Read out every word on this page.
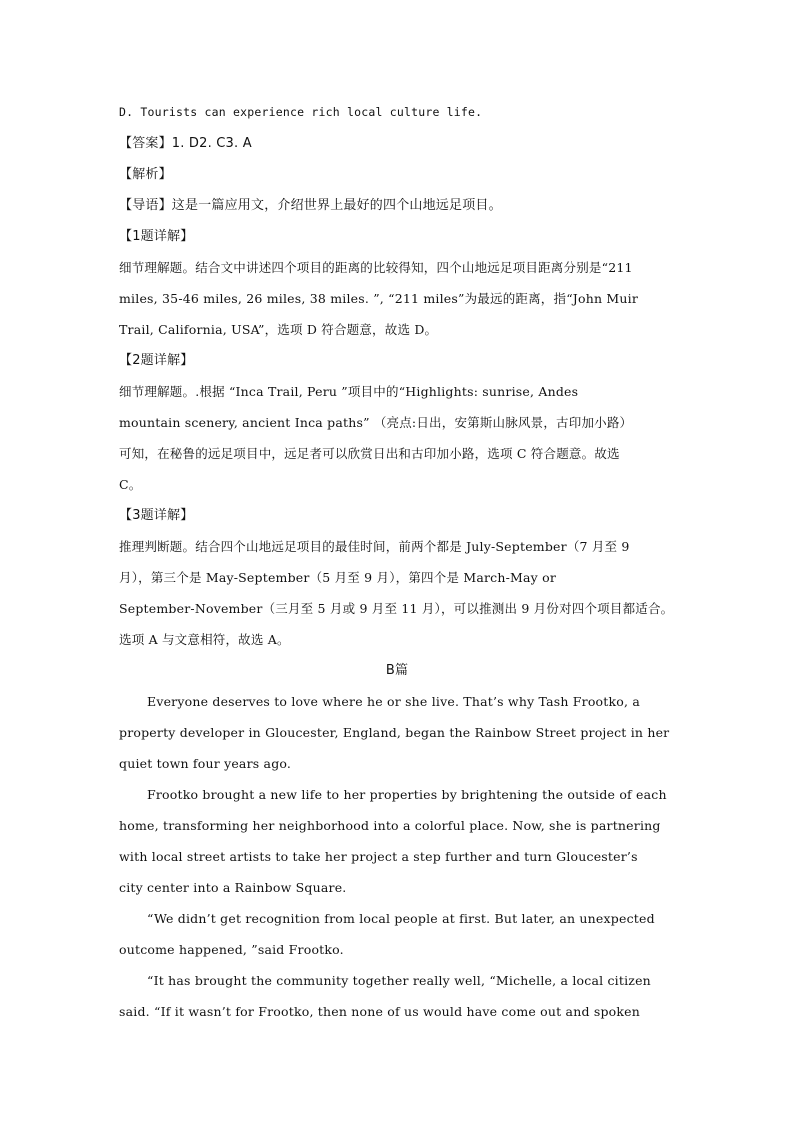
D. Tourists can experience rich local culture life.
【答案】1. D2. C3. A
【解析】
【导语】这是一篇应用文，介绍世界上最好的四个山地远足项目。
【1题详解】
细节理解题。结合文中讲述四个项目的距离的比较得知，四个山地远足项目距离分别是“211
miles, 35-46 miles, 26 miles, 38 miles. ”, “211 miles”为最远的距离，指“John Muir
Trail, California, USA”，选项 D 符合题意，故选 D。
【2题详解】
细节理解题。.根据 “Inca Trail, Peru ”项目中的“Highlights: sunrise, Andes
mountain scenery, ancient Inca paths” （亮点:日出，安第斯山脉风景，古印加小路）
可知，在秘鲁的远足项目中，远足者可以欣赏日出和古印加小路，选项 C 符合题意。故选
C。
【3题详解】
推理判断题。结合四个山地远足项目的最佳时间，前两个都是 July-September（7 月至 9
月），第三个是 May-September（5 月至 9 月），第四个是 March-May or
September-November（三月至 5 月或 9 月至 11 月），可以推测出 9 月份对四个项目都适合。
选项 A 与文意相符，故选 A。
B篇
Everyone deserves to love where he or she live. That’s why Tash Frootko, a
property developer in Gloucester, England, began the Rainbow Street project in her
quiet town four years ago.
Frootko brought a new life to her properties by brightening the outside of each
home, transforming her neighborhood into a colorful place. Now, she is partnering
with local street artists to take her project a step further and turn Gloucester’s
city center into a Rainbow Square.
“We didn’t get recognition from local people at first. But later, an unexpected
outcome happened, ”said Frootko.
“It has brought the community together really well, “Michelle, a local citizen
said. “If it wasn’t for Frootko, then none of us would have come out and spoken
